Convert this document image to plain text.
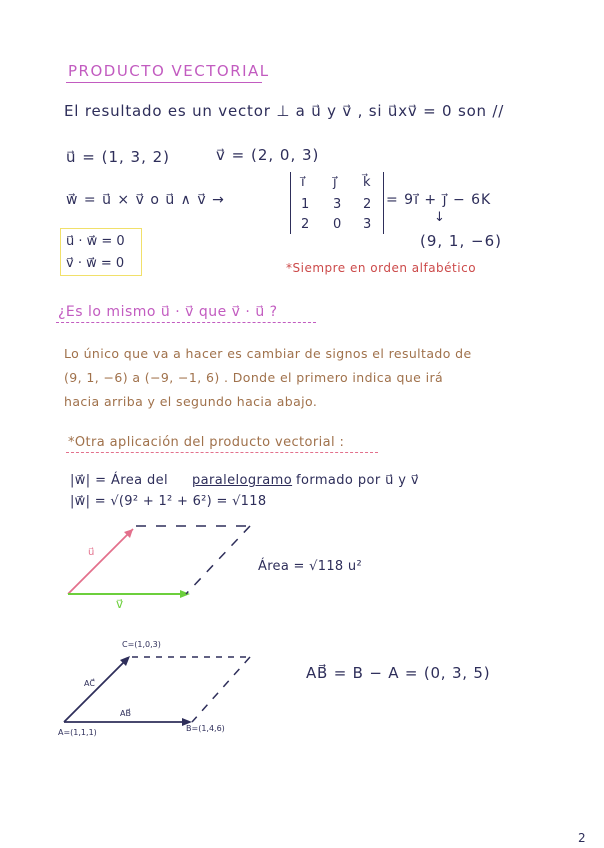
PRODUCTO VECTORIAL
El resultado es un vector ⊥ a u⃗ y v⃗ , si u⃗xv⃗ = 0 son //
u⃗ = (1, 3, 2)	v⃗ = (2, 0, 3)
w⃗ = u⃗ × v⃗ o u⃗ ∧ v⃗ →
i⃗ j⃗ k⃗
1 3 2
2 0 3
= 9i⃗ + j⃗ − 6K
↓
(9, 1, −6)
u⃗ · w⃗ = 0
v⃗ · w⃗ = 0	*Siempre en orden alfabético
¿Es lo mismo u⃗ · v⃗ que v⃗ · u⃗ ?
Lo único que va a hacer es cambiar de signos el resultado de
(9, 1, −6) a (−9, −1, 6) . Donde el primero indica que irá
hacia arriba y el segundo hacia abajo.
*Otra aplicación del producto vectorial :
|w⃗| = Área del paralelogramo formado por u⃗ y v⃗
|w⃗| = √(9² + 1² + 6²) = √118
u⃗
v⃗
Área = √118 u²
C=(1,0,3)
AC⃗
AB⃗
A=(1,1,1)	B=(1,4,6)
AB⃗ = B − A = (0, 3, 5)
2
